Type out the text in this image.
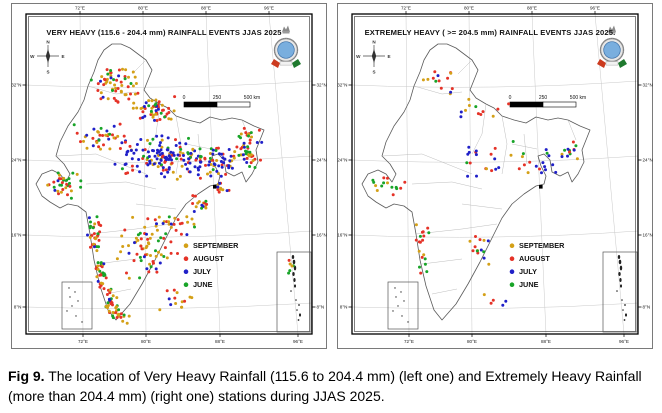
VERY HEAVY (115.6 - 204.4 mm) RAINFALL EVENTS JJAS 2025
72°E
72°E
80°E
80°E
88°E
88°E
96°E
96°E
32°N	32°N
24°N	24°N
16°N	16°N
8°N	8°N
N
E
S
W
0	250	500 km
SEPTEMBER
AUGUST
JULY
JUNE
EXTREMELY HEAVY ( >= 204.5 mm) RAINFALL EVENTS JJAS 2025.
72°E
72°E
80°E
80°E
88°E
88°E
96°E
96°E
32°N	32°N
24°N	24°N
16°N	16°N
8°N	8°N
N
E
S
W
0	250	500 km
SEPTEMBER
AUGUST
JULY
JUNE
Fig 9. The location of Very Heavy Rainfall (115.6 to 204.4 mm) (left one) and Extremely Heavy Rainfall (more than 204.4 mm) (right one) stations during JJAS 2025.
